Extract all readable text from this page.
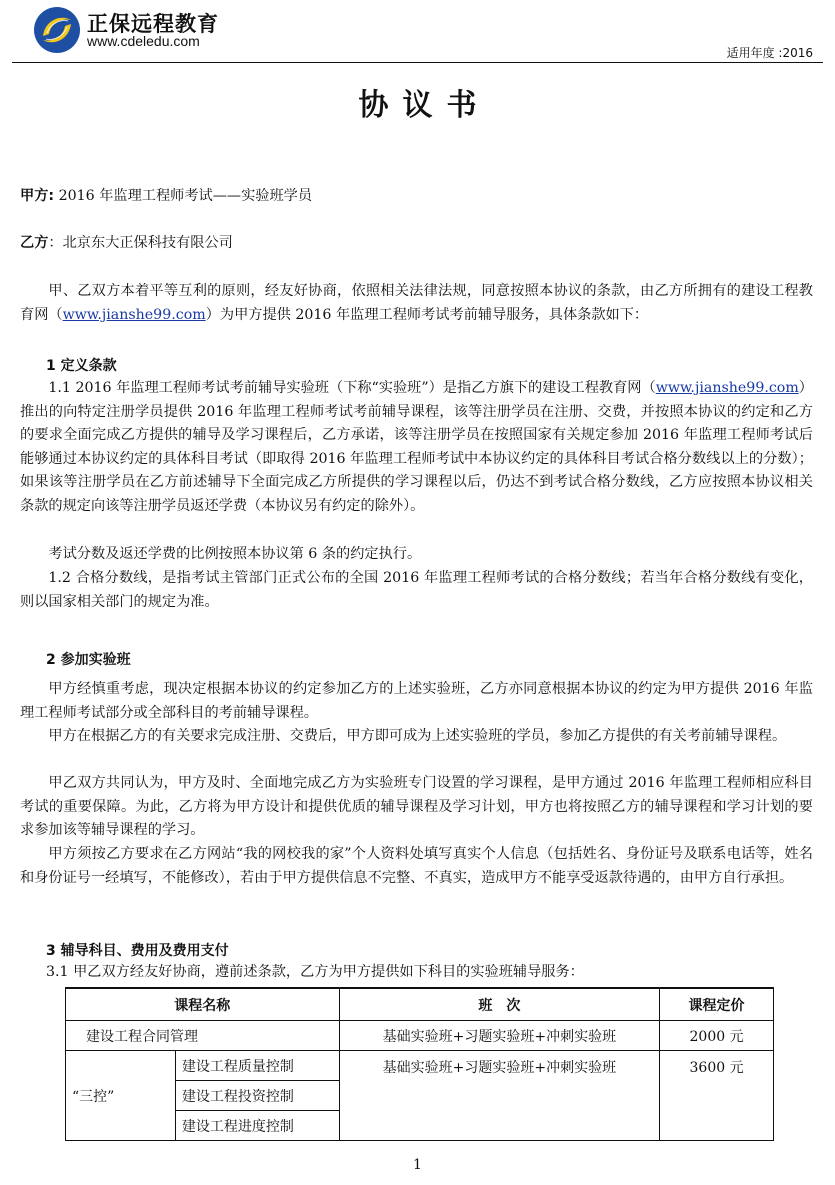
正保远程教育
www.cdeledu.com
适用年度 :2016
协议书
甲方: 2016 年监理工程师考试——实验班学员
乙方：北京东大正保科技有限公司
甲、乙双方本着平等互利的原则，经友好协商，依照相关法律法规，同意按照本协议的条款，由乙方所拥有的建设工程教育网（www.jianshe99.com）为甲方提供 2016 年监理工程师考试考前辅导服务，具体条款如下：
1 定义条款
1.1 2016 年监理工程师考试考前辅导实验班（下称“实验班”）是指乙方旗下的建设工程教育网（www.jianshe99.com）推出的向特定注册学员提供 2016 年监理工程师考试考前辅导课程，该等注册学员在注册、交费，并按照本协议的约定和乙方的要求全面完成乙方提供的辅导及学习课程后，乙方承诺，该等注册学员在按照国家有关规定参加 2016 年监理工程师考试后能够通过本协议约定的具体科目考试（即取得 2016 年监理工程师考试中本协议约定的具体科目考试合格分数线以上的分数）；如果该等注册学员在乙方前述辅导下全面完成乙方所提供的学习课程以后，仍达不到考试合格分数线，乙方应按照本协议相关条款的规定向该等注册学员返还学费（本协议另有约定的除外）。
考试分数及返还学费的比例按照本协议第 6 条的约定执行。
1.2 合格分数线，是指考试主管部门正式公布的全国 2016 年监理工程师考试的合格分数线；若当年合格分数线有变化，则以国家相关部门的规定为准。
2 参加实验班
甲方经慎重考虑，现决定根据本协议的约定参加乙方的上述实验班，乙方亦同意根据本协议的约定为甲方提供 2016 年监理工程师考试部分或全部科目的考前辅导课程。
甲方在根据乙方的有关要求完成注册、交费后，甲方即可成为上述实验班的学员，参加乙方提供的有关考前辅导课程。
甲乙双方共同认为，甲方及时、全面地完成乙方为实验班专门设置的学习课程，是甲方通过 2016 年监理工程师相应科目考试的重要保障。为此，乙方将为甲方设计和提供优质的辅导课程及学习计划，甲方也将按照乙方的辅导课程和学习计划的要求参加该等辅导课程的学习。
甲方须按乙方要求在乙方网站“我的网校我的家”个人资料处填写真实个人信息（包括姓名、身份证号及联系电话等，姓名和身份证号一经填写，不能修改），若由于甲方提供信息不完整、不真实，造成甲方不能享受返款待遇的，由甲方自行承担。
3 辅导科目、费用及费用支付
3.1 甲乙双方经友好协商，遵前述条款，乙方为甲方提供如下科目的实验班辅导服务：
课程名称		班　次	课程定价
建设工程合同管理		基础实验班+习题实验班+冲刺实验班	2000 元
“三控”	建设工程质量控制	基础实验班+习题实验班+冲刺实验班	3600 元
	建设工程投资控制		
	建设工程进度控制		
1
